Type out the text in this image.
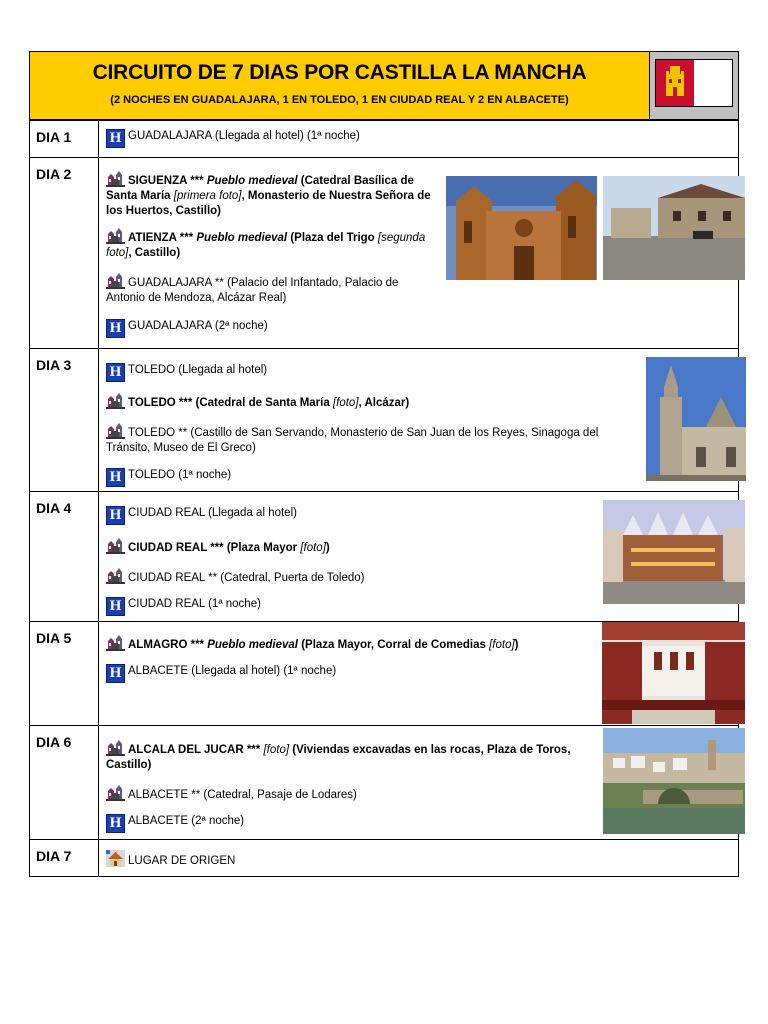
CIRCUITO DE 7 DIAS POR CASTILLA LA MANCHA
(2 NOCHES EN GUADALAJARA, 1 EN TOLEDO, 1 EN CIUDAD REAL Y 2 EN ALBACETE)
DIA 1	H GUADALAJARA (Llegada al hotel) (1ª noche)

DIA 2	SIGUENZA *** Pueblo medieval (Catedral Basílica de Santa María [primera foto], Monasterio de Nuestra Señora de los Huertos, Castillo)
ATIENZA *** Pueblo medieval (Plaza del Trigo [segunda foto], Castillo)
GUADALAJARA ** (Palacio del Infantado, Palacio de Antonio de Mendoza, Alcázar Real)
H GUADALAJARA (2ª noche)

DIA 3	H TOLEDO (Llegada al hotel)
TOLEDO *** (Catedral de Santa María [foto], Alcázar)
TOLEDO ** (Castillo de San Servando, Monasterio de San Juan de los Reyes, Sinagoga del Tránsito, Museo de El Greco)
H TOLEDO (1ª noche)

DIA 4	H CIUDAD REAL (Llegada al hotel)
CIUDAD REAL *** (Plaza Mayor [foto])
CIUDAD REAL ** (Catedral, Puerta de Toledo)
H CIUDAD REAL (1ª noche)

DIA 5	ALMAGRO *** Pueblo medieval (Plaza Mayor, Corral de Comedias [foto])
H ALBACETE (Llegada al hotel) (1ª noche)

DIA 6	ALCALA DEL JUCAR *** [foto] (Viviendas excavadas en las rocas, Plaza de Toros, Castillo)
ALBACETE ** (Catedral, Pasaje de Lodares)
H ALBACETE (2ª noche)

DIA 7	LUGAR DE ORIGEN
